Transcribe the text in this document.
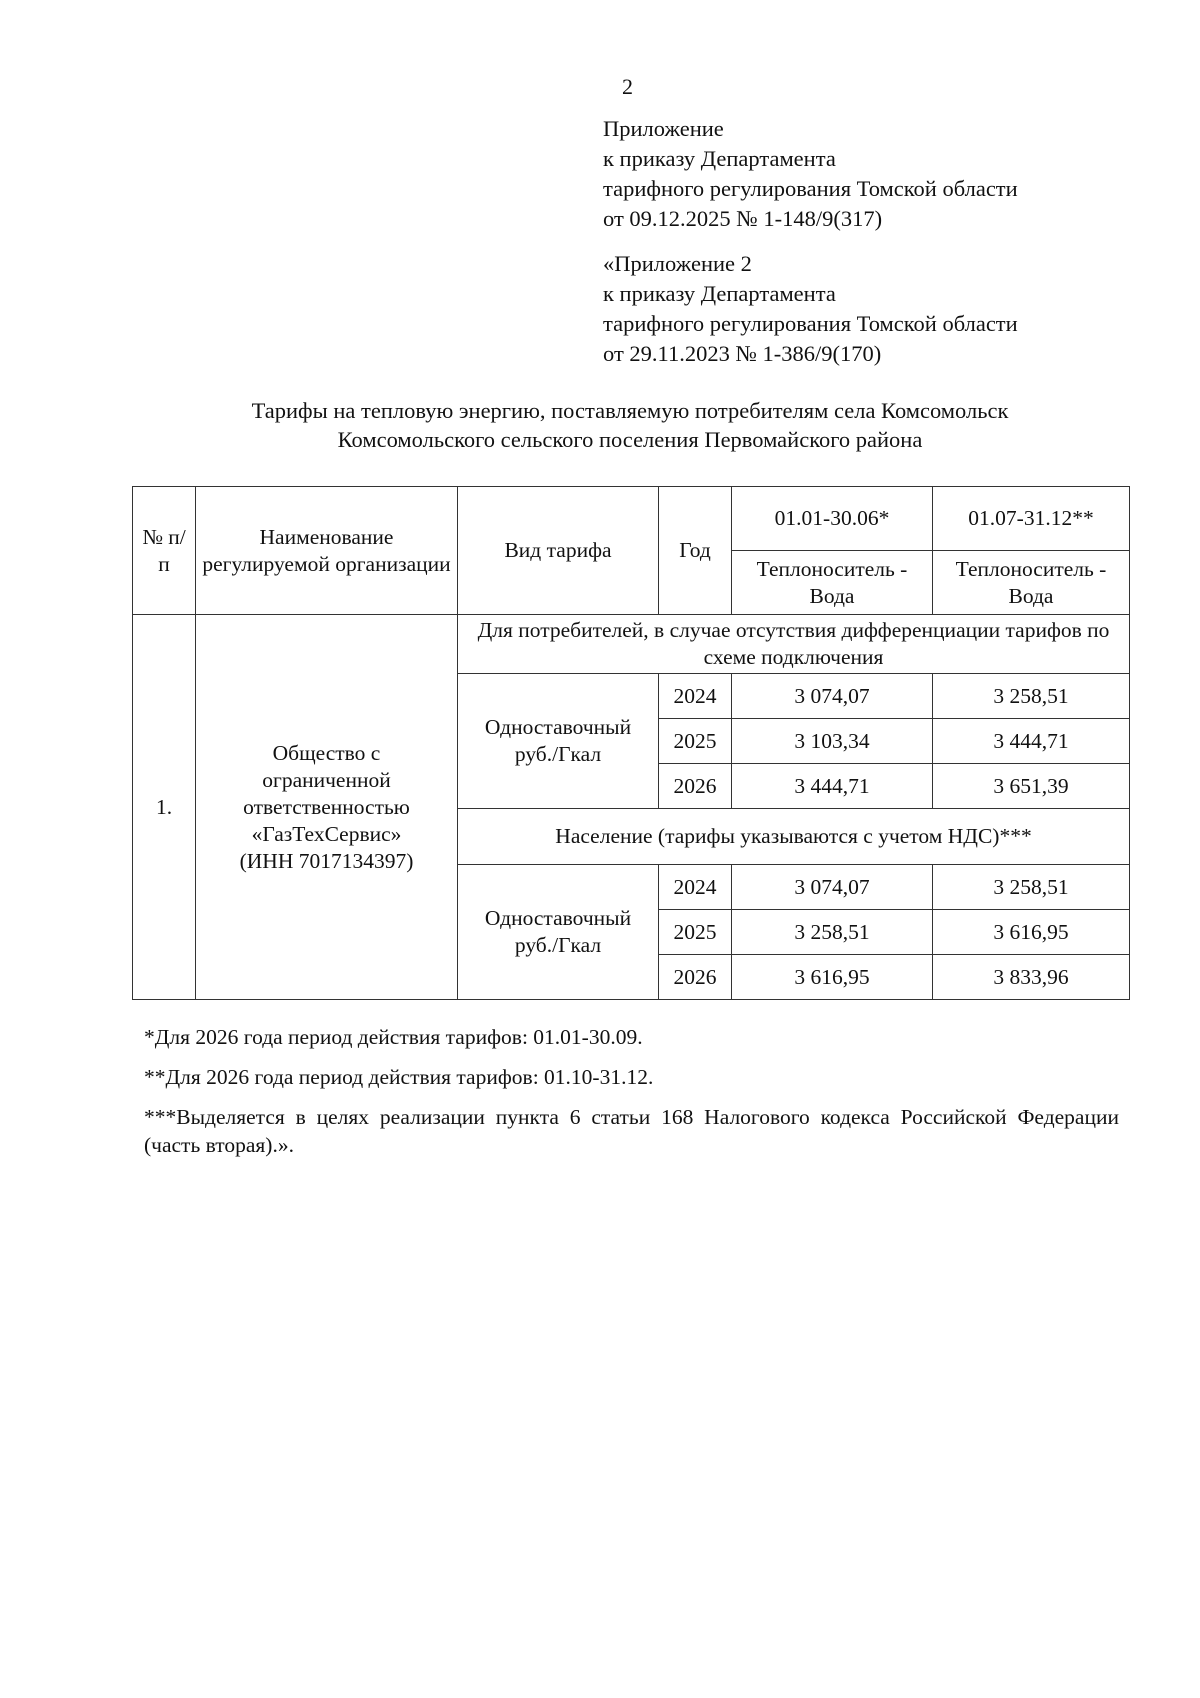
2
Приложение
к приказу Департамента
тарифного регулирования Томской области
от 09.12.2025 № 1-148/9(317)
«Приложение 2
к приказу Департамента
тарифного регулирования Томской области
от 29.11.2023 № 1-386/9(170)
Тарифы на тепловую энергию, поставляемую потребителям села Комсомольск
Комсомольского сельского поселения Первомайского района
№ п/п	Наименование регулируемой организации	Вид тарифа	Год	01.01-30.06*	01.07-31.12**
				Теплоноситель - Вода	Теплоноситель - Вода
1.	Общество с
ограниченной
ответственностью
«ГазТехСервис»
(ИНН 7017134397)	Для потребителей, в случае отсутствия дифференциации тарифов по схеме подключения			
		Одноставочный руб./Гкал	2024	3 074,07	3 258,51
			2025	3 103,34	3 444,71
			2026	3 444,71	3 651,39
		Население (тарифы указываются с учетом НДС)***			
		Одноставочный руб./Гкал	2024	3 074,07	3 258,51
			2025	3 258,51	3 616,95
			2026	3 616,95	3 833,96

*Для 2026 года период действия тарифов: 01.01-30.09.

**Для 2026 года период действия тарифов: 01.10-31.12.

***Выделяется в целях реализации пункта 6 статьи 168 Налогового кодекса Российской Федерации (часть вторая).».
